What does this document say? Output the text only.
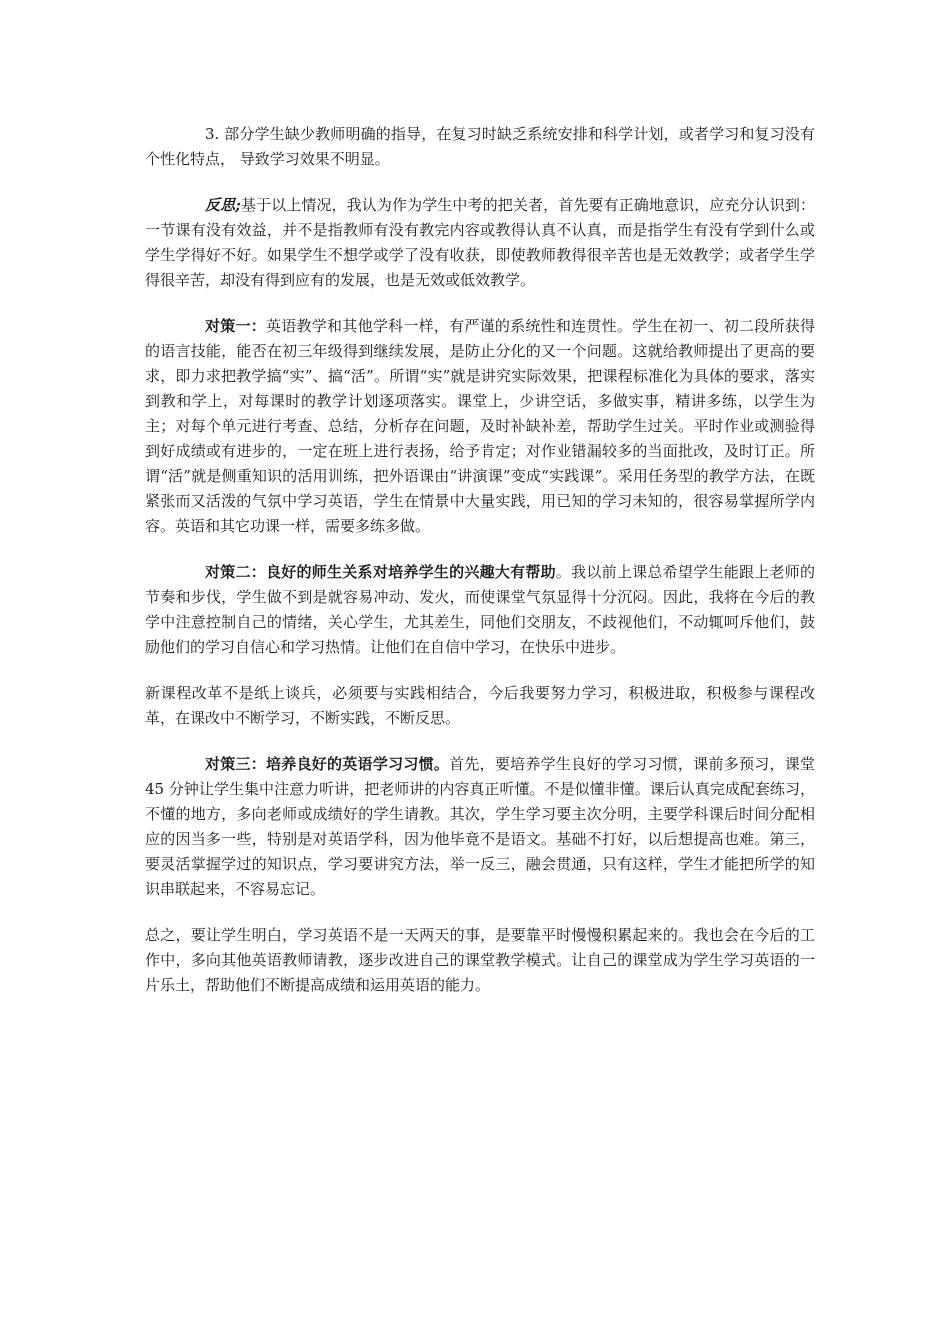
3. 部分学生缺少教师明确的指导，在复习时缺乏系统安排和科学计划，或者学习和复习没有个性化特点， 导致学习效果不明显。

反思;基于以上情况，我认为作为学生中考的把关者，首先要有正确地意识，应充分认识到：一节课有没有效益，并不是指教师有没有教完内容或教得认真不认真，而是指学生有没有学到什么或学生学得好不好。如果学生不想学或学了没有收获，即使教师教得很辛苦也是无效教学；或者学生学得很辛苦，却没有得到应有的发展，也是无效或低效教学。

对策一：英语教学和其他学科一样，有严谨的系统性和连贯性。学生在初一、初二段所获得的语言技能，能否在初三年级得到继续发展，是防止分化的又一个问题。这就给教师提出了更高的要求，即力求把教学搞“实”、搞“活”。所谓“实”就是讲究实际效果，把课程标准化为具体的要求，落实到教和学上，对每课时的教学计划逐项落实。课堂上，少讲空话，多做实事，精讲多练，以学生为主；对每个单元进行考查、总结，分析存在问题，及时补缺补差，帮助学生过关。平时作业或测验得到好成绩或有进步的，一定在班上进行表扬，给予肯定；对作业错漏较多的当面批改，及时订正。所谓“活”就是侧重知识的活用训练，把外语课由“讲演课”变成“实践课”。采用任务型的教学方法，在既紧张而又活泼的气氛中学习英语，学生在情景中大量实践，用已知的学习未知的，很容易掌握所学内容。英语和其它功课一样，需要多练多做。

对策二：良好的师生关系对培养学生的兴趣大有帮助。我以前上课总希望学生能跟上老师的节奏和步伐，学生做不到是就容易冲动、发火，而使课堂气氛显得十分沉闷。因此，我将在今后的教学中注意控制自己的情绪，关心学生，尤其差生，同他们交朋友，不歧视他们，不动辄呵斥他们，鼓励他们的学习自信心和学习热情。让他们在自信中学习，在快乐中进步。

新课程改革不是纸上谈兵，必须要与实践相结合，今后我要努力学习，积极进取，积极参与课程改革，在课改中不断学习，不断实践，不断反思。

对策三：培养良好的英语学习习惯。首先，要培养学生良好的学习习惯，课前多预习，课堂 45 分钟让学生集中注意力听讲，把老师讲的内容真正听懂。不是似懂非懂。课后认真完成配套练习，不懂的地方，多向老师或成绩好的学生请教。其次，学生学习要主次分明，主要学科课后时间分配相应的因当多一些，特别是对英语学科，因为他毕竟不是语文。基础不打好，以后想提高也难。第三，要灵活掌握学过的知识点，学习要讲究方法，举一反三，融会贯通，只有这样，学生才能把所学的知识串联起来，不容易忘记。

总之，要让学生明白，学习英语不是一天两天的事，是要靠平时慢慢积累起来的。我也会在今后的工作中，多向其他英语教师请教，逐步改进自己的课堂教学模式。让自己的课堂成为学生学习英语的一片乐土，帮助他们不断提高成绩和运用英语的能力。
